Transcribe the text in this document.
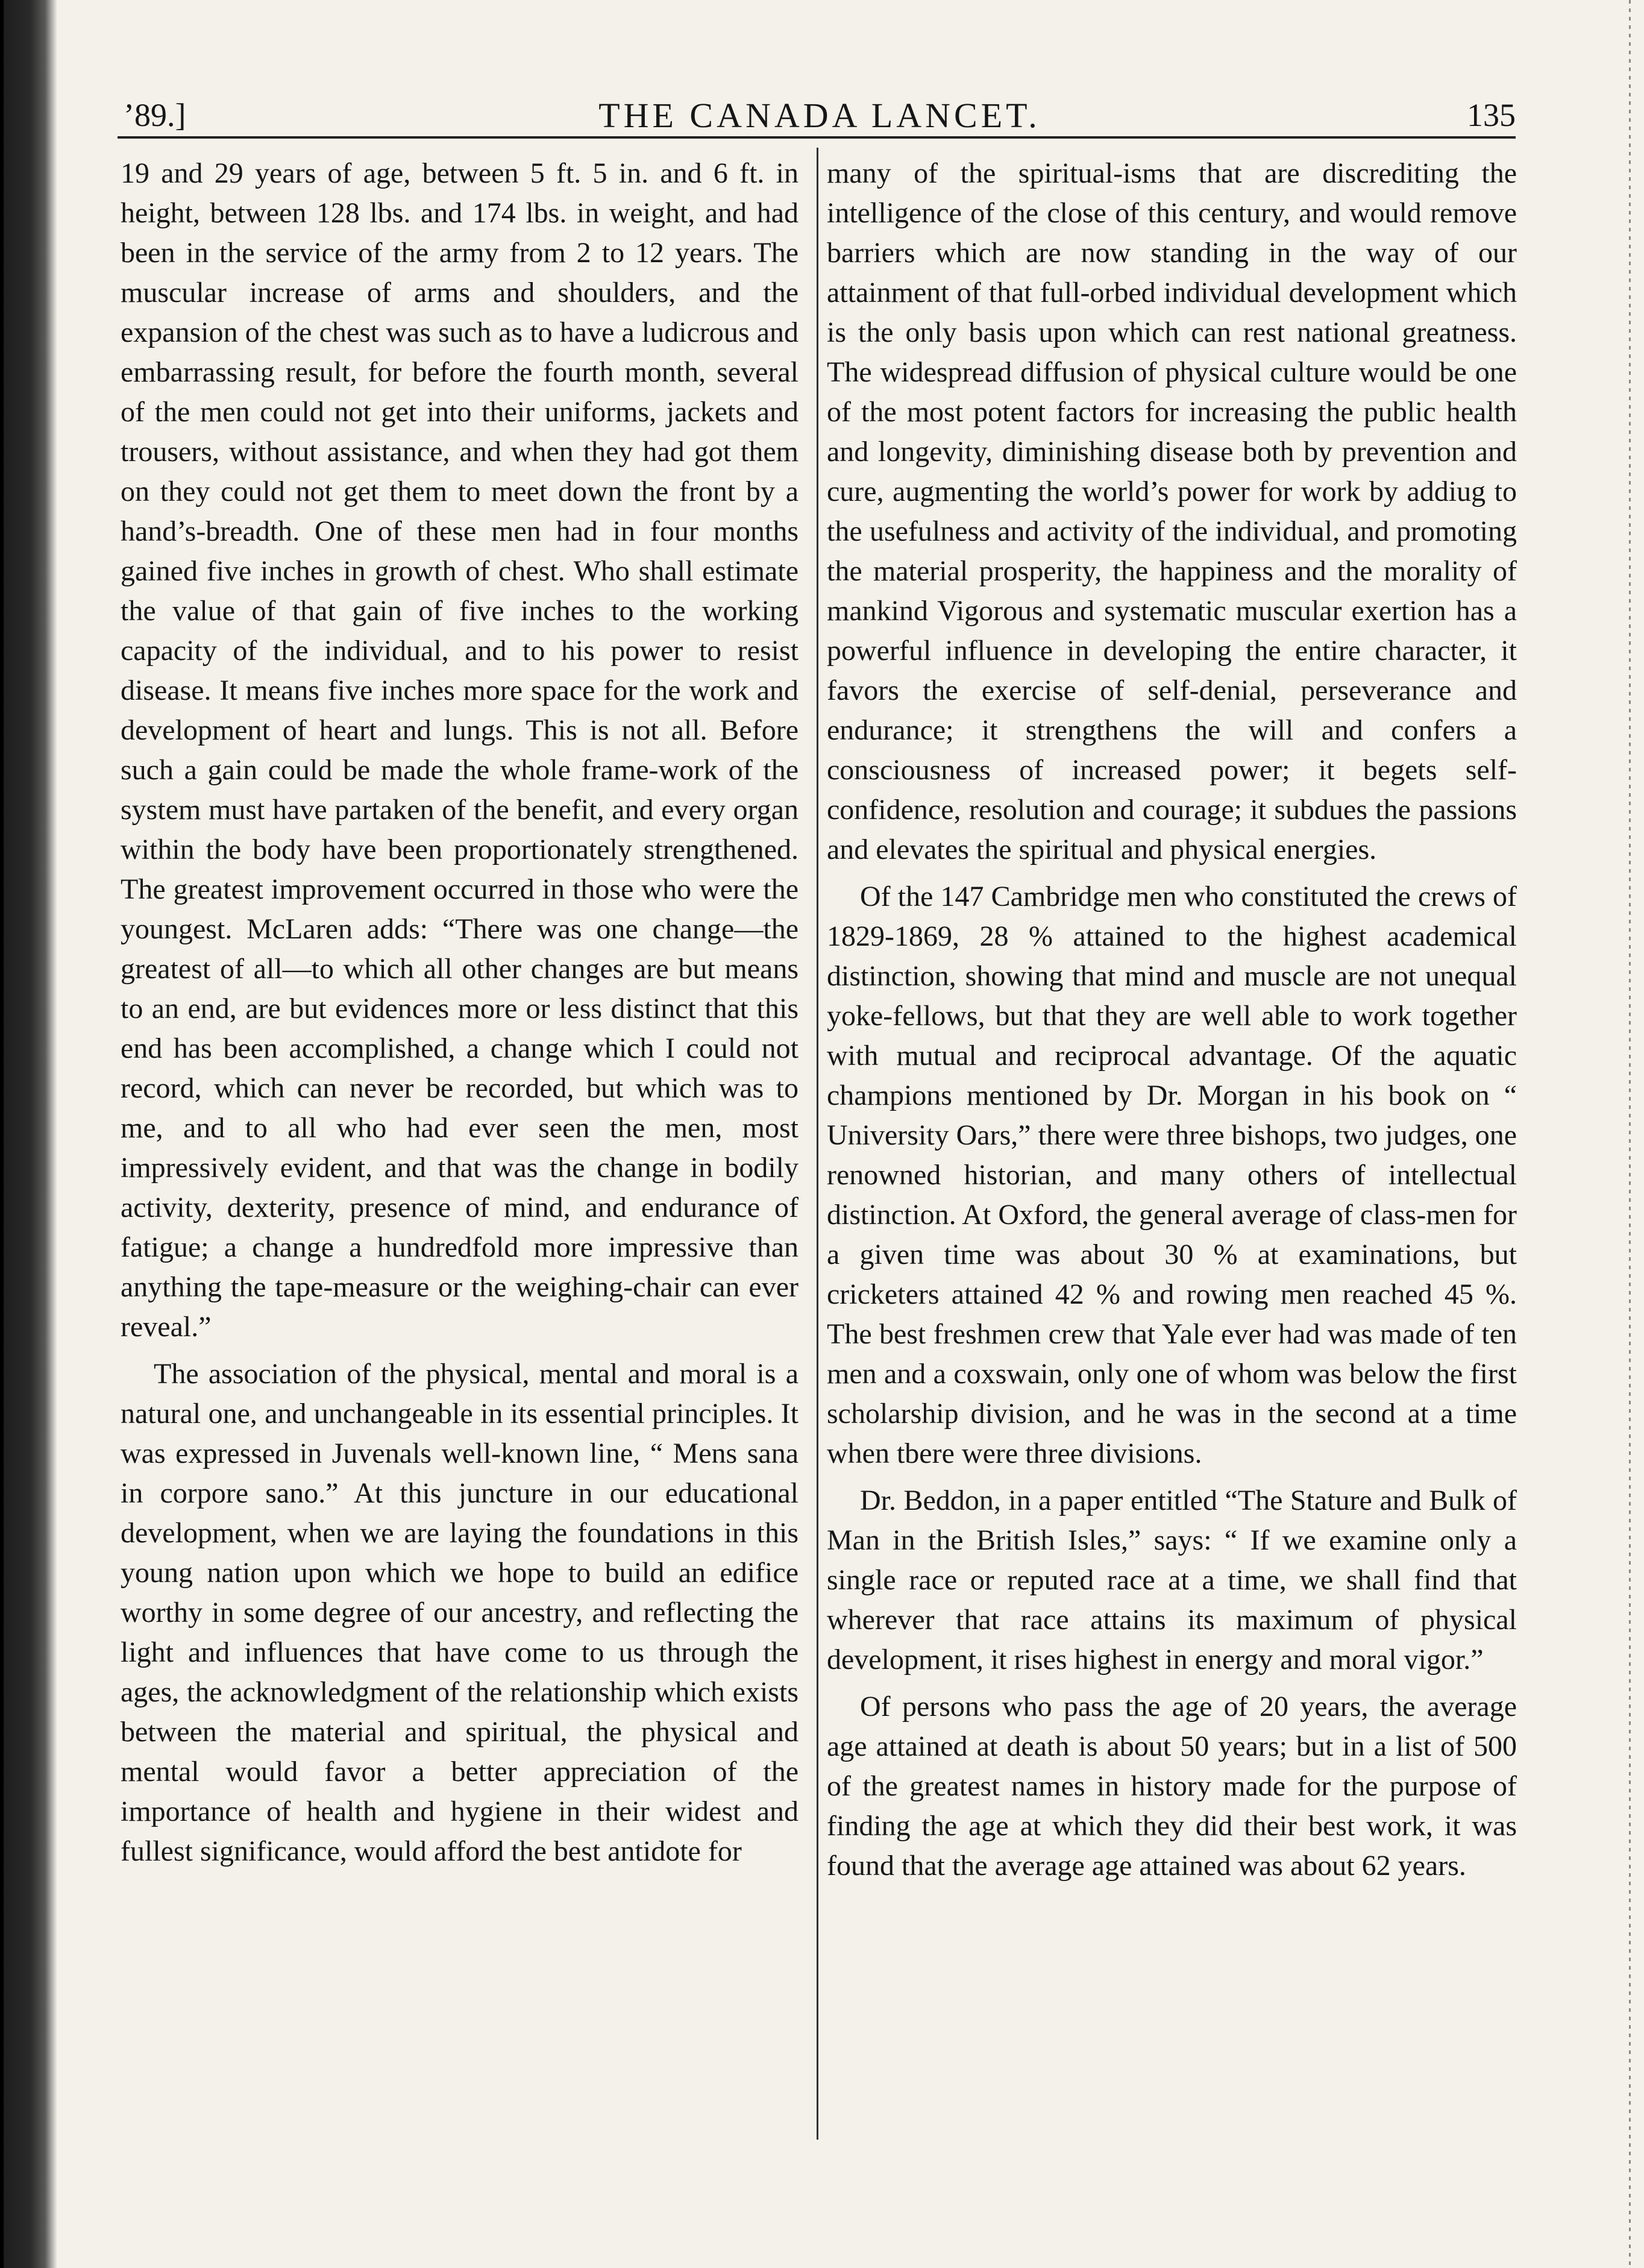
’89.]	THE CANADA LANCET.	135

19 and 29 years of age, between 5 ft. 5 in. and 6 ft. in height, between 128 lbs. and 174 lbs. in weight, and had been in the service of the army from 2 to 12 years. The muscular increase of arms and shoulders, and the expansion of the chest was such as to have a ludicrous and embarrassing result, for before the fourth month, several of the men could not get into their uniforms, jackets and trousers, without assistance, and when they had got them on they could not get them to meet down the front by a hand’s-breadth. One of these men had in four months gained five inches in growth of chest. Who shall estimate the value of that gain of five inches to the working capacity of the individual, and to his power to resist disease. It means five inches more space for the work and development of heart and lungs. This is not all. Before such a gain could be made the whole frame-work of the system must have partaken of the benefit, and every organ within the body have been proportionately strengthened. The greatest improvement occurred in those who were the youngest. McLaren adds: “There was one change—the greatest of all—to which all other changes are but means to an end, are but evidences more or less distinct that this end has been accomplished, a change which I could not record, which can never be recorded, but which was to me, and to all who had ever seen the men, most impressively evident, and that was the change in bodily activity, dexterity, presence of mind, and endurance of fatigue; a change a hundredfold more impressive than anything the tape-measure or the weighing-chair can ever reveal.”

The association of the physical, mental and moral is a natural one, and unchangeable in its essential principles. It was expressed in Juvenals well-known line, “ Mens sana in corpore sano.” At this juncture in our educational development, when we are laying the foundations in this young nation upon which we hope to build an edifice worthy in some degree of our ancestry, and reflecting the light and influences that have come to us through the ages, the acknowledgment of the relationship which exists between the material and spiritual, the physical and mental would favor a better appreciation of the importance of health and hygiene in their widest and fullest significance, would afford the best antidote for

many of the spiritual-isms that are discrediting the intelligence of the close of this century, and would remove barriers which are now standing in the way of our attainment of that full-orbed individual development which is the only basis upon which can rest national greatness. The widespread diffusion of physical culture would be one of the most potent factors for increasing the public health and longevity, diminishing disease both by prevention and cure, augmenting the world’s power for work by addiug to the usefulness and activity of the individual, and promoting the material prosperity, the happiness and the morality of mankind Vigorous and systematic muscular exertion has a powerful influence in developing the entire character, it favors the exercise of self-denial, perseverance and endurance; it strengthens the will and confers a consciousness of increased power; it begets self-confidence, resolution and courage; it subdues the passions and elevates the spiritual and physical energies.

Of the 147 Cambridge men who constituted the crews of 1829-1869, 28 % attained to the highest academical distinction, showing that mind and muscle are not unequal yoke-fellows, but that they are well able to work together with mutual and reciprocal advantage. Of the aquatic champions mentioned by Dr. Morgan in his book on “ University Oars,” there were three bishops, two judges, one renowned historian, and many others of intellectual distinction. At Oxford, the general average of class-men for a given time was about 30 % at examinations, but cricketers attained 42 % and rowing men reached 45 %. The best freshmen crew that Yale ever had was made of ten men and a coxswain, only one of whom was below the first scholarship division, and he was in the second at a time when tbere were three divisions.

Dr. Beddon, in a paper entitled “The Stature and Bulk of Man in the British Isles,” says: “ If we examine only a single race or reputed race at a time, we shall find that wherever that race attains its maximum of physical development, it rises highest in energy and moral vigor.”

Of persons who pass the age of 20 years, the average age attained at death is about 50 years; but in a list of 500 of the greatest names in history made for the purpose of finding the age at which they did their best work, it was found that the average age attained was about 62 years.
